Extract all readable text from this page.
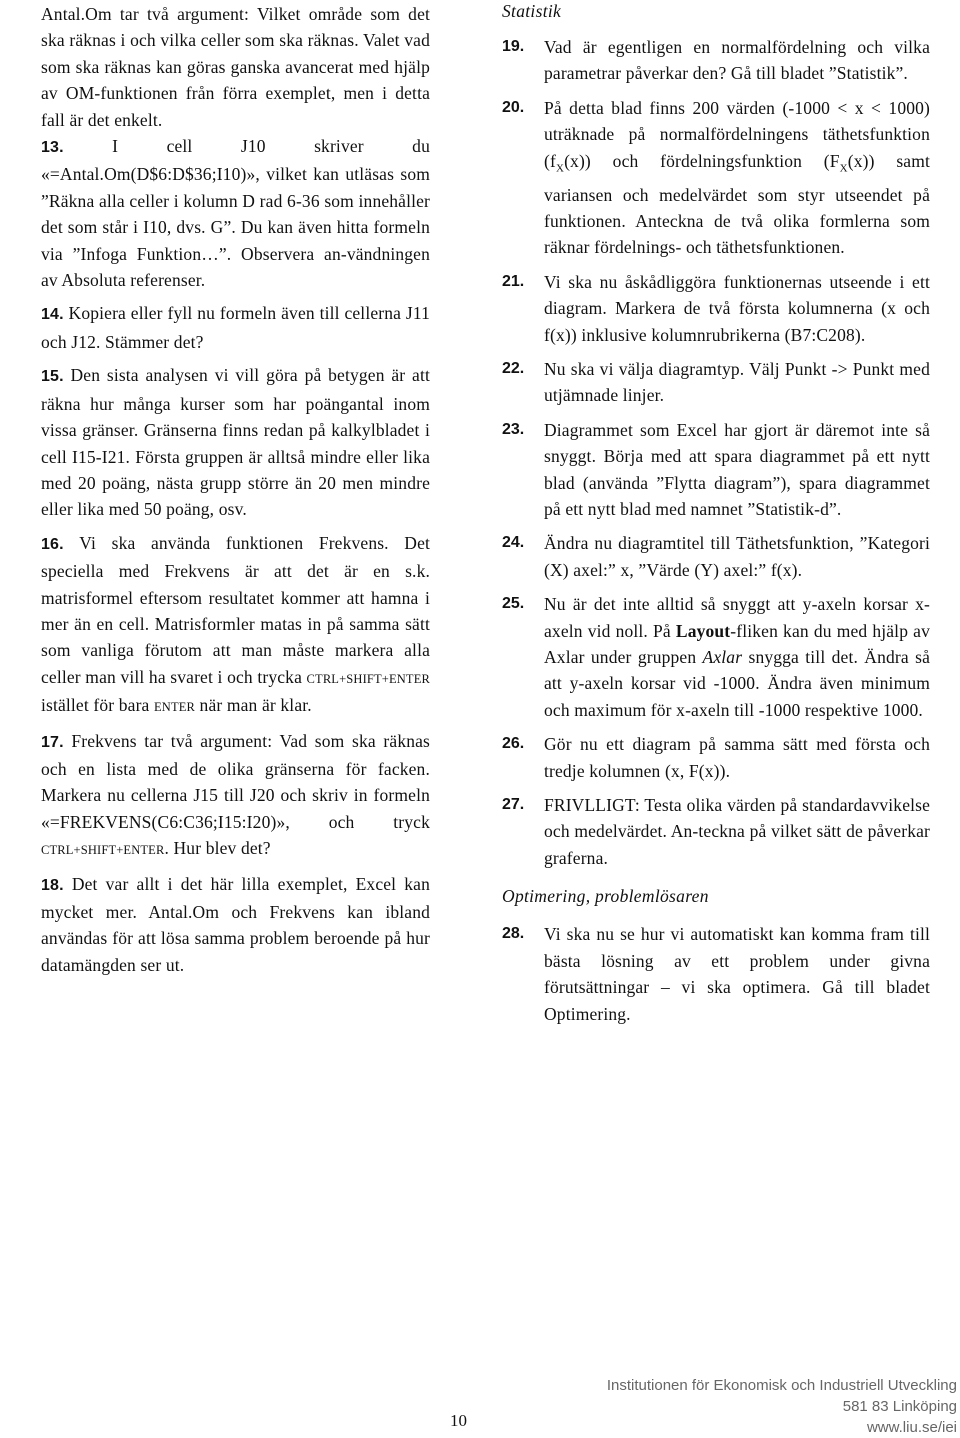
Antal.Om tar två argument: Vilket område som det ska räknas i och vilka celler som ska räknas. Valet vad som ska räknas kan göras ganska avancerat med hjälp av OM-funktionen från förra exemplet, men i detta fall är det enkelt.

13.	I cell J10 skriver du «=Antal.Om(D$6:D$36;I10)», vilket kan utläsas som ”Räkna alla celler i kolumn D rad 6-36 som innehåller det som står i I10, dvs. G”. Du kan även hitta formeln via ”Infoga Funktion…”. Observera an-vändningen av Absoluta referenser.

14. Kopiera eller fyll nu formeln även till cellerna J11 och J12. Stämmer det?

15. Den sista analysen vi vill göra på betygen är att räkna hur många kurser som har poängantal inom vissa gränser. Gränserna finns redan på kalkylbladet i cell I15-I21. Första gruppen är alltså mindre eller lika med 20 poäng, nästa grupp större än 20 men mindre eller lika med 50 poäng, osv.

16. Vi ska använda funktionen Frekvens. Det speciella med Frekvens är att det är en s.k. matrisformel eftersom resultatet kommer att hamna i mer än en cell. Matrisformler matas in på samma sätt som vanliga förutom att man måste markera alla celler man vill ha svaret i och trycka CTRL+SHIFT+ENTER istället för bara ENTER när man är klar.

17. Frekvens tar två argument: Vad som ska räknas och en lista med de olika gränserna för facken. Markera nu cellerna J15 till J20 och skriv in formeln «=FREKVENS(C6:C36;I15:I20)», och tryck CTRL+SHIFT+ENTER. Hur blev det?

18. Det var allt i det här lilla exemplet, Excel kan mycket mer. Antal.Om och Frekvens kan ibland användas för att lösa samma problem beroende på hur datamängden ser ut.

Statistik

19. Vad är egentligen en normalfördelning och vilka parametrar påverkar den? Gå till bladet ”Statistik”.

20. På detta blad finns 200 värden (-1000 < x < 1000) uträknade på normalfördelningens täthetsfunktion $(f_X(x))$ och fördelningsfunktion $(F_X(x))$ samt variansen och medelvärdet som styr utseendet på funktionen. Anteckna de två olika formlerna som räknar fördelnings- och täthetsfunktionen.

21. Vi ska nu åskådliggöra funktionernas utseende i ett diagram. Markera de två första kolumnerna (x och f(x)) inklusive kolumnrubrikerna (B7:C208).

22. Nu ska vi välja diagramtyp. Välj Punkt -> Punkt med utjämnade linjer.

23. Diagrammet som Excel har gjort är däremot inte så snyggt. Börja med att spara diagrammet på ett nytt blad (använda ”Flytta diagram”), spara diagrammet på ett nytt blad med namnet ”Statistik-d”.

24. Ändra nu diagramtitel till Täthetsfunktion, ”Kategori (X) axel:” x, ”Värde (Y) axel:” f(x).

25. Nu är det inte alltid så snyggt att y-axeln korsar x-axeln vid noll. På Layout-fliken kan du med hjälp av Axlar under gruppen Axlar snygga till det. Ändra så att y-axeln korsar vid -1000. Ändra även minimum och maximum för x-axeln till -1000 respektive 1000.

26. Gör nu ett diagram på samma sätt med första och tredje kolumnen (x, F(x)).

27. FRIVLLIGT: Testa olika värden på standardavvikelse och medelvärdet. An-teckna på vilket sätt de påverkar graferna.

Optimering, problemlösaren

28. Vi ska nu se hur vi automatiskt kan komma fram till bästa lösning av ett problem under givna förutsättningar – vi ska optimera. Gå till bladet Optimering.

10
Institutionen för Ekonomisk och Industriell Utveckling
581 83 Linköping
www.liu.se/iei
